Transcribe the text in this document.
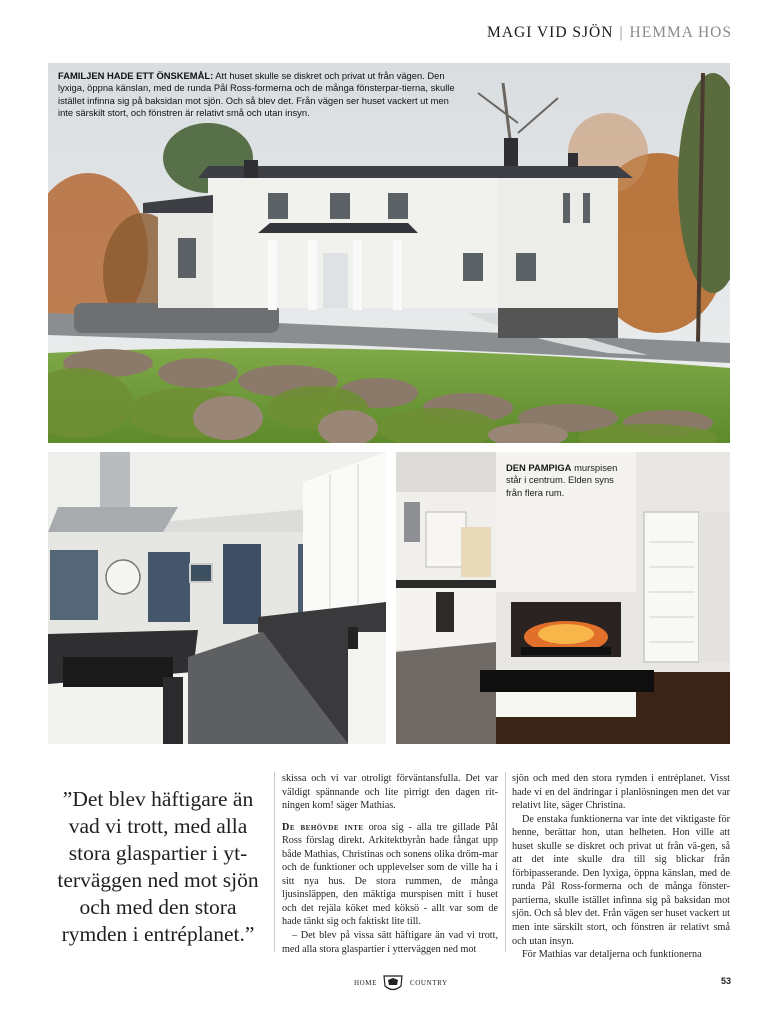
MAGI VID SJÖN | HEMMA HOS
FAMILJEN HADE ETT ÖNSKEMÅL: Att huset skulle se diskret och privat ut från vägen. Den lyxiga, öppna känslan, med de runda Pål Ross-formerna och de många fönsterpar-tierna, skulle istället infinna sig på baksidan mot sjön. Och så blev det. Från vägen ser huset vackert ut men inte särskilt stort, och fönstren är relativt små och utan insyn.
DEN PAMPIGA murspisen står i centrum. Elden syns från flera rum.
”Det blev häftigare än vad vi trott, med alla stora glaspartier i yt-terväggen ned mot sjön och med den stora rymden i entréplanet.”

skissa och vi var otroligt förväntansfulla. Det var väldigt spännande och lite pirrigt den dagen rit-ningen kom! säger Mathias.

De behövde inte oroa sig - alla tre gillade Pål Ross förslag direkt. Arkitektbyrån hade fångat upp både Mathias, Christinas och sonens olika dröm-mar och de funktioner och upplevelser som de ville ha i sitt nya hus. De stora rummen, de många ljusinsläppen, den mäktiga murspisen mitt i huset och det rejäla köket med köksö - allt var som de hade tänkt sig och faktiskt lite till.

– Det blev på vissa sätt häftigare än vad vi trott, med alla stora glaspartier i ytterväggen ned mot

sjön och med den stora rymden i entréplanet. Visst hade vi en del ändringar i planlösningen men det var relativt lite, säger Christina.

De enstaka funktionerna var inte det viktigaste för henne, berättar hon, utan helheten. Hon ville att huset skulle se diskret och privat ut från vä-gen, så att det inte skulle dra till sig blickar från förbipasserande. Den lyxiga, öppna känslan, med de runda Pål Ross-formerna och de många fönster-partierna, skulle istället infinna sig på baksidan mot sjön. Och så blev det. Från vägen ser huset vackert ut men inte särskilt stort, och fönstren är relativt små och utan insyn.

För Mathias var detaljerna och funktionerna

HOME	COUNTRY	53
